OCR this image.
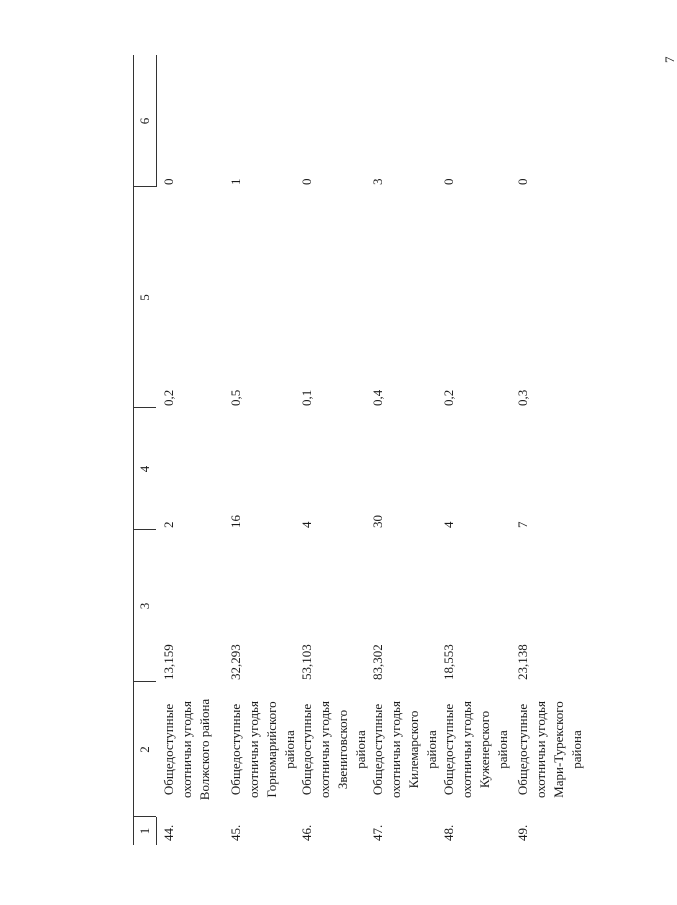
7
1
2
3
4
5
6
44.
Общедоступные охотничьи угодья Волжского района
13,159
2
0,2
0
45.
Общедоступные охотничьи угодья Горномарийского района
32,293
16
0,5
1
46.
Общедоступные охотничьи угодья Звениговского района
53,103
4
0,1
0
47.
Общедоступные охотничьи угодья Килемарского района
83,302
30
0,4
3
48.
Общедоступные охотничьи угодья Куженерского района
18,553
4
0,2
0
49.
Общедоступные охотничьи угодья Мари-Турекского района
23,138
7
0,3
0
